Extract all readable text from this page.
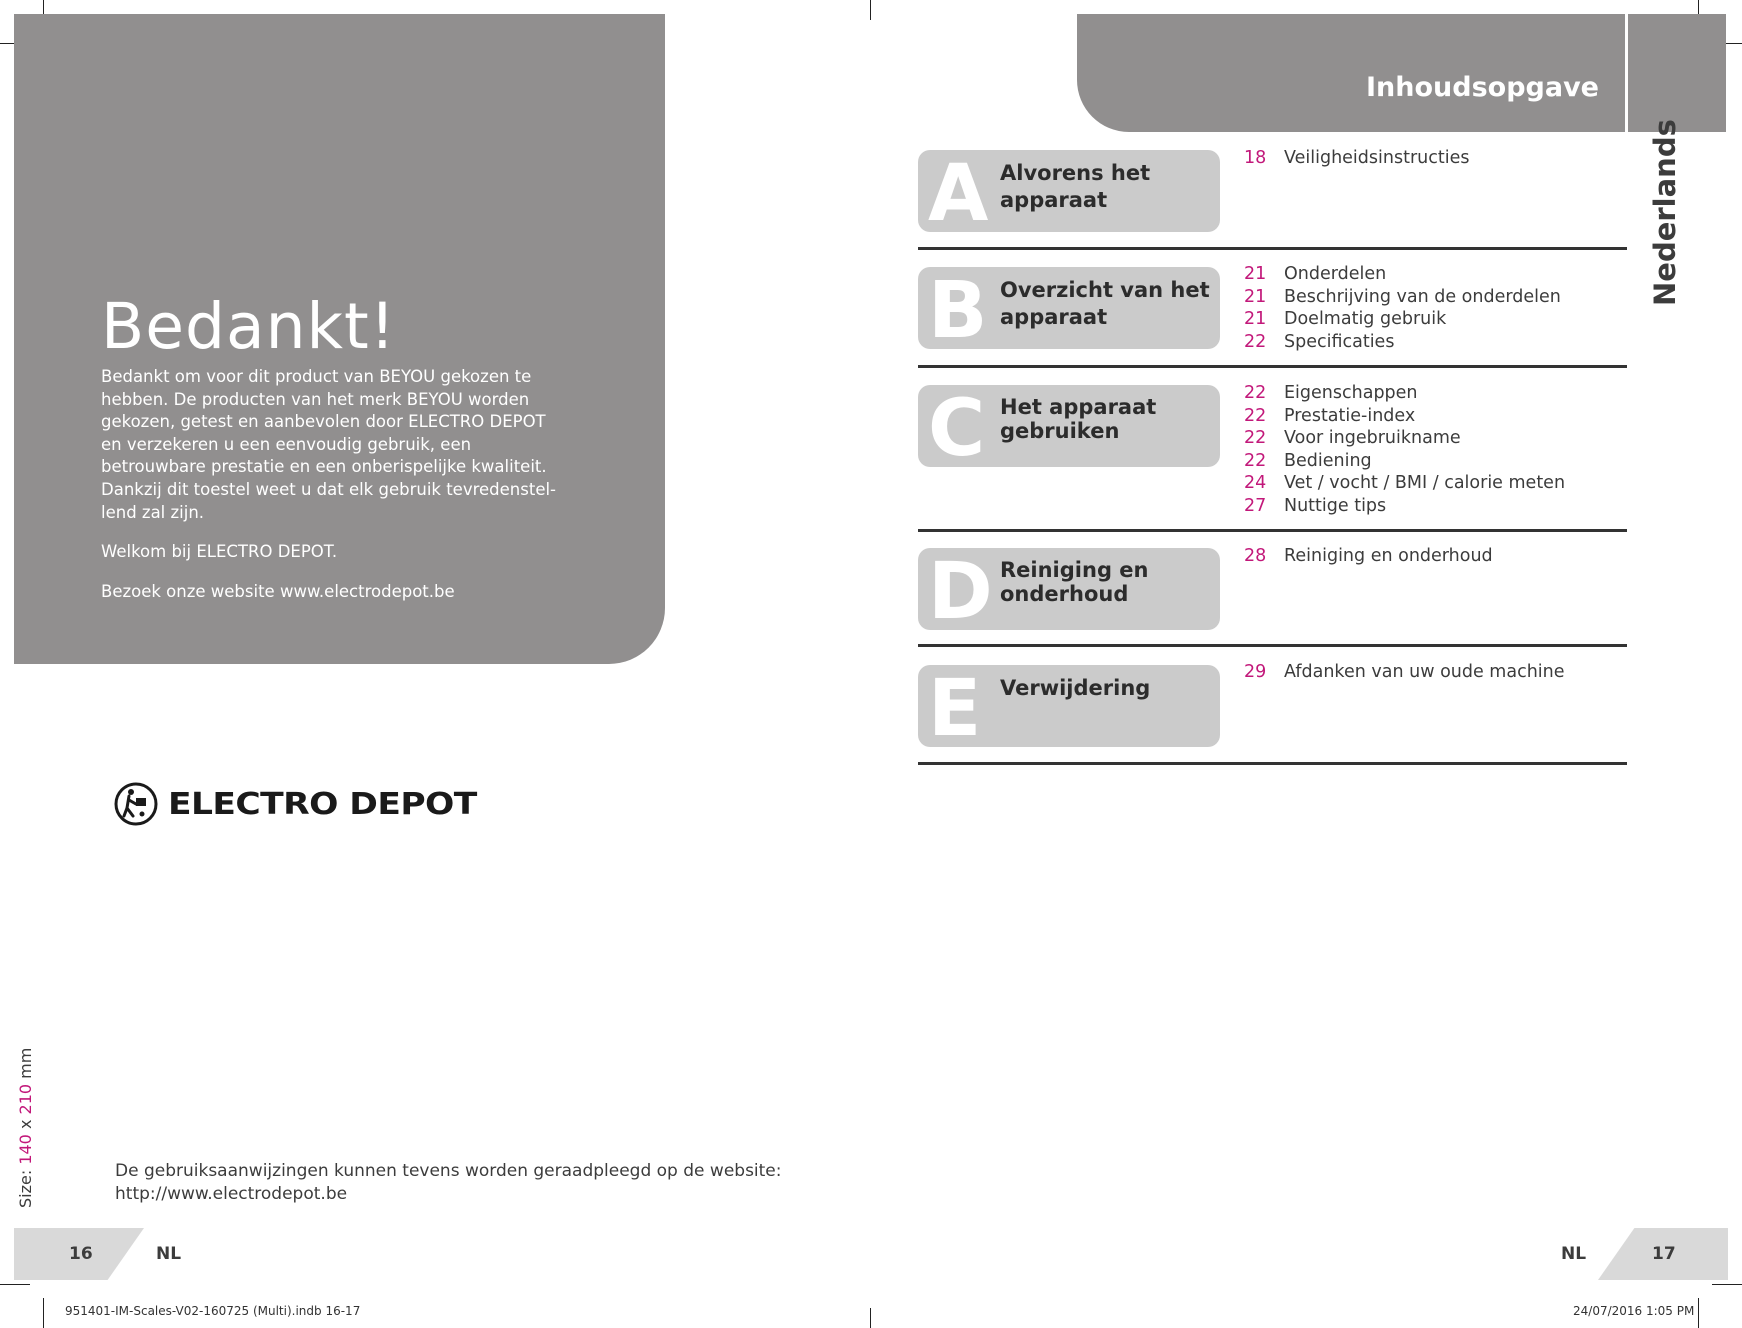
Bedankt!

Bedankt om voor dit product van BEYOU gekozen te hebben. De producten van het merk BEYOU worden gekozen, getest en aanbevolen door ELECTRO DEPOT en verzekeren u een eenvoudig gebruik, een betrouwbare prestatie en een onberispelijke kwaliteit.

Dankzij dit toestel weet u dat elk gebruik tevredenstel-lend zal zijn.

Welkom bij ELECTRO DEPOT.

Bezoek onze website www.electrodepot.be

ELECTRO DEPOT
Size: 140 x 210 mm
De gebruiksaanwijzingen kunnen tevens worden geraadpleegd op de website:
http://www.electrodepot.be
16	NL
951401-IM-Scales-V02-160725 (Multi).indb 16-17
Inhoudsopgave
Nederlands
A Alvorens het apparaat
18	Veiligheidsinstructies
B Overzicht van het apparaat
21	Onderdelen
21	Beschrijving van de onderdelen
21	Doelmatig gebruik
22	Specificaties
C Het apparaat gebruiken
22	Eigenschappen
22	Prestatie-index
22	Voor ingebruikname
22	Bediening
24	Vet / vocht / BMI / calorie meten
27	Nuttige tips
D Reiniging en onderhoud
28	Reiniging en onderhoud
E Verwijdering
29	Afdanken van uw oude machine
NL	17
24/07/2016 1:05 PM
